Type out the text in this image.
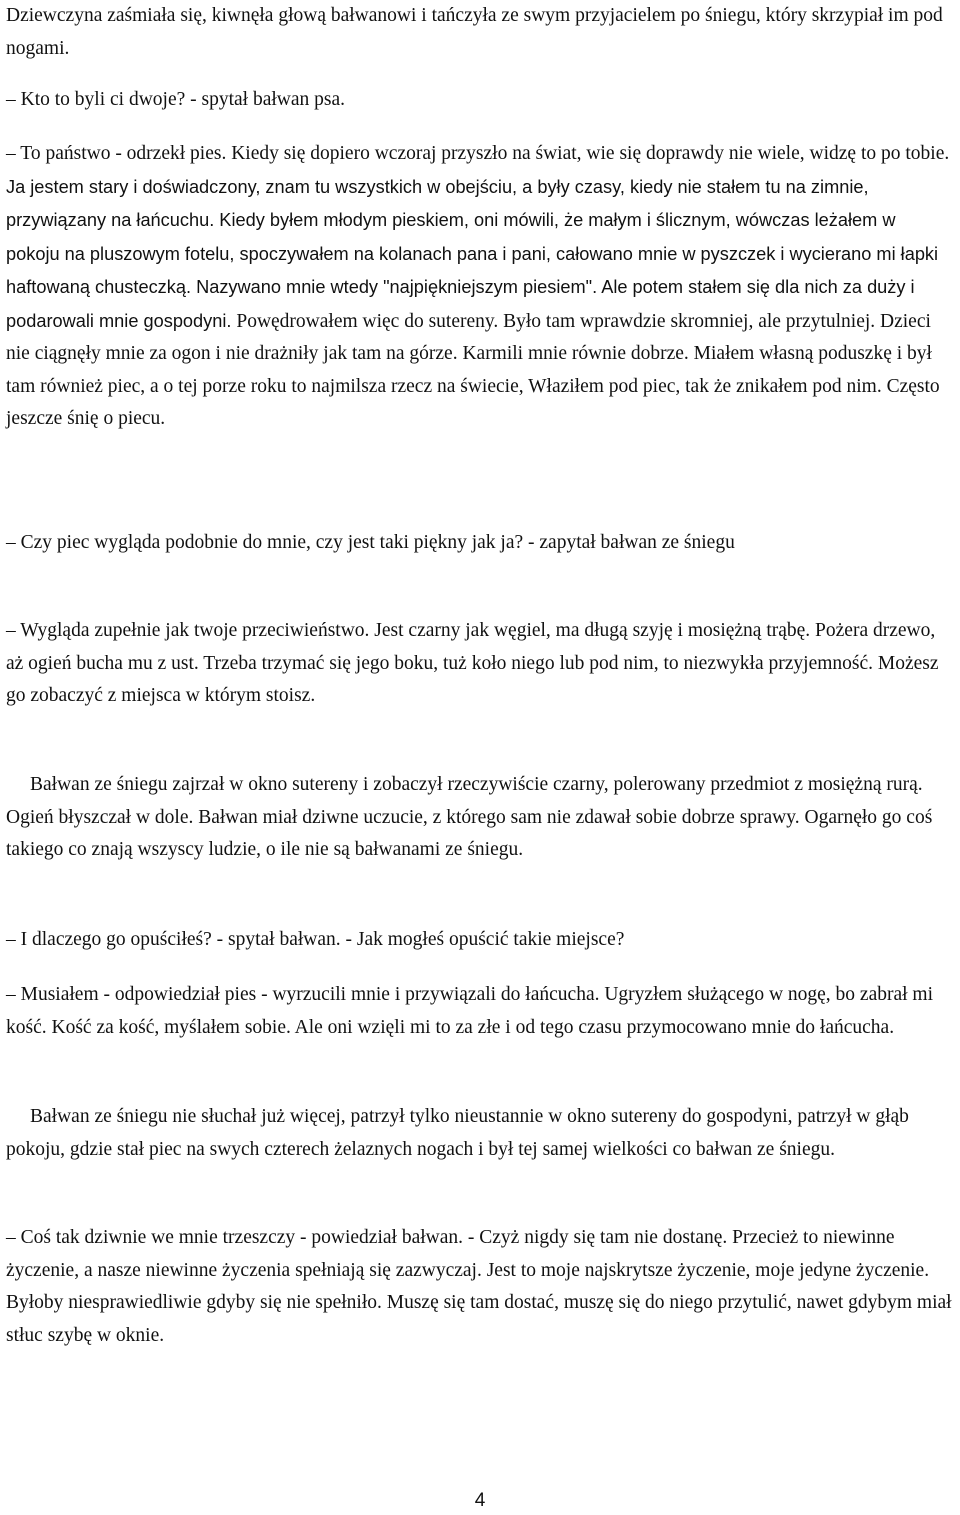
Dziewczyna zaśmiała się, kiwnęła głową bałwanowi i tańczyła ze swym przyjacielem po śniegu, który skrzypiał im pod nogami.

– Kto to byli ci dwoje? - spytał bałwan psa.

– To państwo - odrzekł pies. Kiedy się dopiero wczoraj przyszło na świat, wie się doprawdy nie wiele, widzę to po tobie. Ja jestem stary i doświadczony, znam tu wszystkich w obejściu, a były czasy, kiedy nie stałem tu na zimnie, przywiązany na łańcuchu. Kiedy byłem młodym pieskiem, oni mówili, że małym i ślicznym, wówczas leżałem w pokoju na pluszowym fotelu, spoczywałem na kolanach pana i pani, całowano mnie w pyszczek i wycierano mi łapki haftowaną chusteczką. Nazywano mnie wtedy "najpiękniejszym piesiem". Ale potem stałem się dla nich za duży i podarowali mnie gospodyni. Powędrowałem więc do sutereny. Było tam wprawdzie skromniej, ale przytulniej. Dzieci nie ciągnęły mnie za ogon i nie drażniły jak tam na górze. Karmili mnie równie dobrze. Miałem własną poduszkę i był tam również piec, a o tej porze roku to najmilsza rzecz na świecie, Właziłem pod piec, tak że znikałem pod nim. Często jeszcze śnię o piecu.

– Czy piec wygląda podobnie do mnie, czy jest taki piękny jak ja? - zapytał bałwan ze śniegu

– Wygląda zupełnie jak twoje przeciwieństwo. Jest czarny jak węgiel, ma długą szyję i mosiężną trąbę. Pożera drzewo, aż ogień bucha mu z ust. Trzeba trzymać się jego boku, tuż koło niego lub pod nim, to niezwykła przyjemność. Możesz go zobaczyć z miejsca w którym stoisz.

Bałwan ze śniegu zajrzał w okno sutereny i zobaczył rzeczywiście czarny, polerowany przedmiot z mosiężną rurą. Ogień błyszczał w dole. Bałwan miał dziwne uczucie, z którego sam nie zdawał sobie dobrze sprawy. Ogarnęło go coś takiego co znają wszyscy ludzie, o ile nie są bałwanami ze śniegu.

– I dlaczego go opuściłeś? - spytał bałwan. - Jak mogłeś opuścić takie miejsce?

– Musiałem - odpowiedział pies - wyrzucili mnie i przywiązali do łańcucha. Ugryzłem służącego w nogę, bo zabrał mi kość. Kość za kość, myślałem sobie. Ale oni wzięli mi to za złe i od tego czasu przymocowano mnie do łańcucha.

Bałwan ze śniegu nie słuchał już więcej, patrzył tylko nieustannie w okno sutereny do gospodyni, patrzył w głąb pokoju, gdzie stał piec na swych czterech żelaznych nogach i był tej samej wielkości co bałwan ze śniegu.

– Coś tak dziwnie we mnie trzeszczy - powiedział bałwan. - Czyż nigdy się tam nie dostanę. Przecież to niewinne życzenie, a nasze niewinne życzenia spełniają się zazwyczaj. Jest to moje najskrytsze życzenie, moje jedyne życzenie. Byłoby niesprawiedliwie gdyby się nie spełniło. Muszę się tam dostać, muszę się do niego przytulić, nawet gdybym miał stłuc szybę w oknie.

4
